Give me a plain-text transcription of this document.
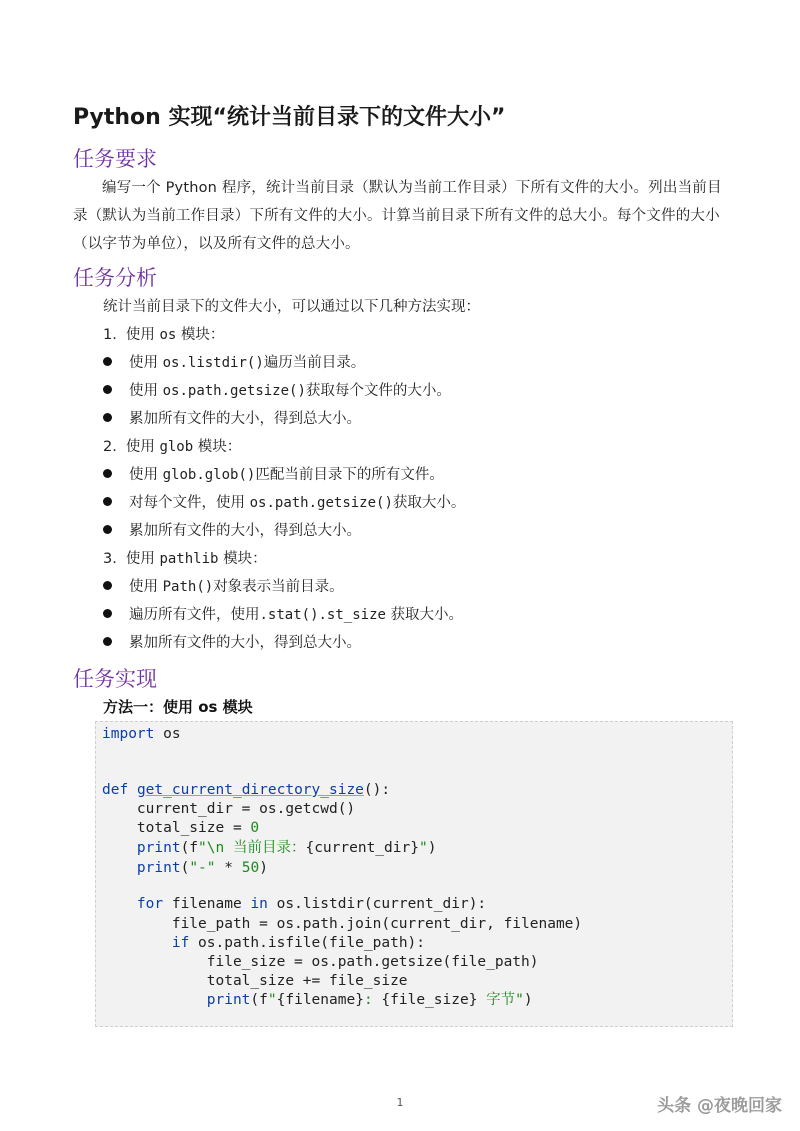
Python 实现“统计当前目录下的文件大小”
任务要求

编写一个 Python 程序，统计当前目录（默认为当前工作目录）下所有文件的大小。列出当前目录（默认为当前工作目录）下所有文件的大小。计算当前目录下所有文件的总大小。每个文件的大小（以字节为单位），以及所有文件的总大小。

任务分析

统计当前目录下的文件大小，可以通过以下几种方法实现：

1. 使用 os 模块：

使用 os.listdir()遍历当前目录。

使用 os.path.getsize()获取每个文件的大小。

累加所有文件的大小，得到总大小。

2. 使用 glob 模块：

使用 glob.glob()匹配当前目录下的所有文件。

对每个文件，使用 os.path.getsize()获取大小。

累加所有文件的大小，得到总大小。

3. 使用 pathlib 模块：

使用 Path()对象表示当前目录。

遍历所有文件，使用.stat().st_size 获取大小。

累加所有文件的大小，得到总大小。

任务实现

方法一：使用 os 模块

import os

def get_current_directory_size():

current_dir = os.getcwd()

total_size = 0

print(f"\n 当前目录：{current_dir}")

print("-" * 50)

for filename in os.listdir(current_dir):

file_path = os.path.join(current_dir, filename)

if os.path.isfile(file_path):

file_size = os.path.getsize(file_path)

total_size += file_size

print(f"{filename}: {file_size} 字节")

1	头条 @夜晚回家
